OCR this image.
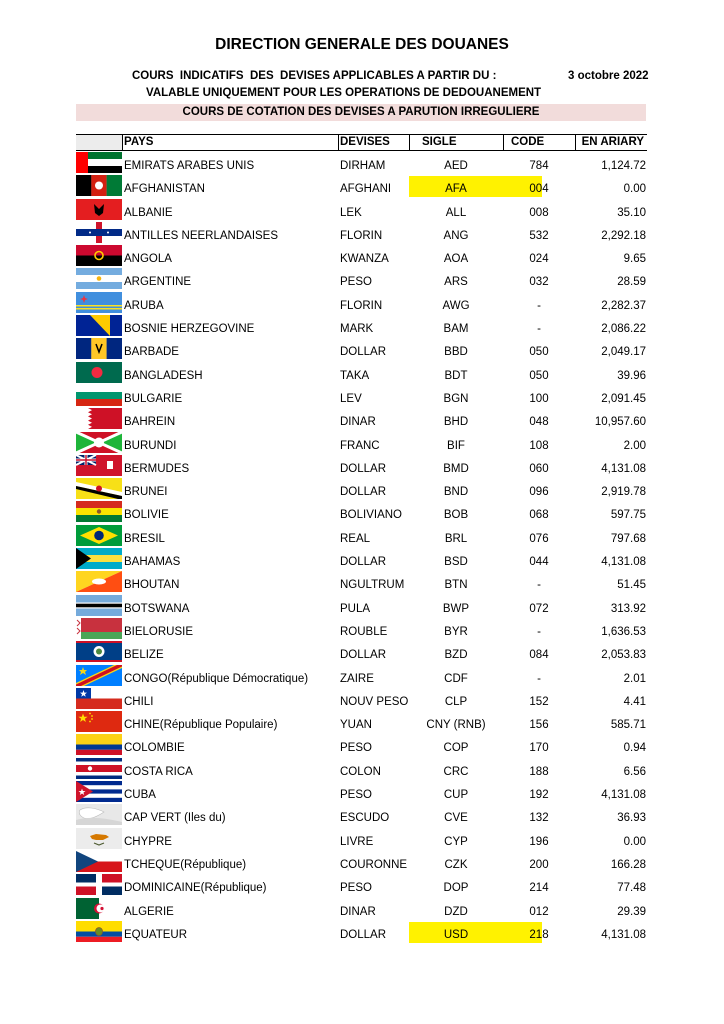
DIRECTION GENERALE DES DOUANES
COURS  INDICATIFS  DES  DEVISES APPLICABLES A PARTIR DU :	3 octobre 2022
VALABLE UNIQUEMENT POUR LES OPERATIONS DE DEDOUANEMENT
COURS DE COTATION DES DEVISES A PARUTION IRREGULIERE
PAYS	DEVISES	SIGLE	CODE	EN ARIARY
EMIRATS ARABES UNIS	DIRHAM	AED	784	1,124.72
AFGHANISTAN	AFGHANI	AFA	004	0.00
ALBANIE	LEK	ALL	008	35.10
ANTILLES NEERLANDAISES	FLORIN	ANG	532	2,292.18
ANGOLA	KWANZA	AOA	024	9.65
ARGENTINE	PESO	ARS	032	28.59
ARUBA	FLORIN	AWG	-	2,282.37
BOSNIE HERZEGOVINE	MARK	BAM	-	2,086.22
BARBADE	DOLLAR	BBD	050	2,049.17
BANGLADESH	TAKA	BDT	050	39.96
BULGARIE	LEV	BGN	100	2,091.45
BAHREIN	DINAR	BHD	048	10,957.60
BURUNDI	FRANC	BIF	108	2.00
BERMUDES	DOLLAR	BMD	060	4,131.08
BRUNEI	DOLLAR	BND	096	2,919.78
BOLIVIE	BOLIVIANO	BOB	068	597.75
BRESIL	REAL	BRL	076	797.68
BAHAMAS	DOLLAR	BSD	044	4,131.08
BHOUTAN	NGULTRUM	BTN	-	51.45
BOTSWANA	PULA	BWP	072	313.92
BIELORUSIE	ROUBLE	BYR	-	1,636.53
BELIZE	DOLLAR	BZD	084	2,053.83
CONGO(République Démocratique)	ZAIRE	CDF	-	2.01
CHILI	NOUV PESO	CLP	152	4.41
CHINE(République Populaire)	YUAN	CNY (RNB)	156	585.71
COLOMBIE	PESO	COP	170	0.94
COSTA RICA	COLON	CRC	188	6.56
CUBA	PESO	CUP	192	4,131.08
CAP VERT (Iles du)	ESCUDO	CVE	132	36.93
CHYPRE	LIVRE	CYP	196	0.00
TCHEQUE(République)	COURONNE	CZK	200	166.28
DOMINICAINE(République)	PESO	DOP	214	77.48
ALGERIE	DINAR	DZD	012	29.39
EQUATEUR	DOLLAR	USD	218	4,131.08
